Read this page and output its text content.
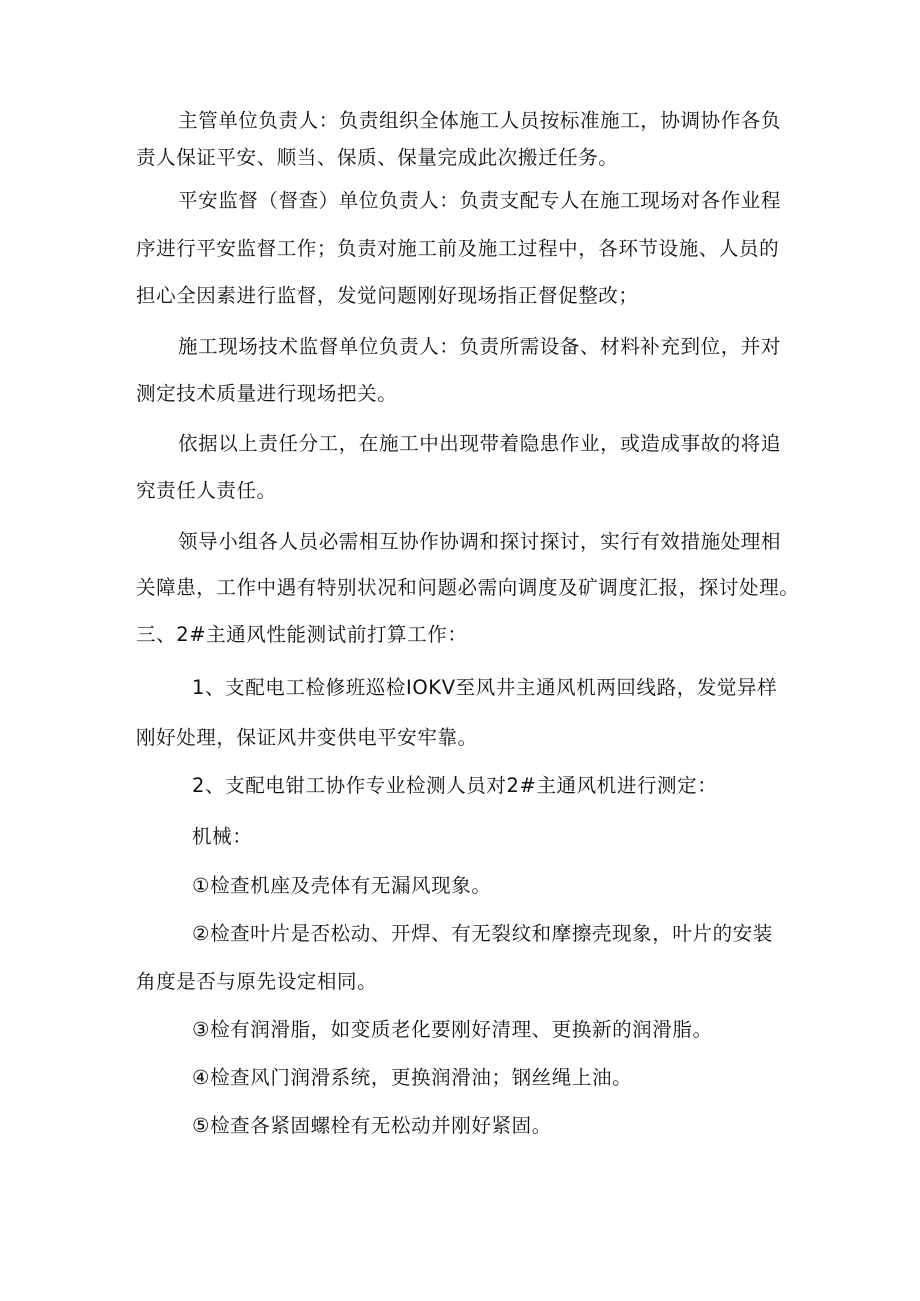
主管单位负责人：负责组织全体施工人员按标准施工，协调协作各负
责人保证平安、顺当、保质、保量完成此次搬迁任务。
平安监督（督查）单位负责人：负责支配专人在施工现场对各作业程
序进行平安监督工作；负责对施工前及施工过程中，各环节设施、人员的
担心全因素进行监督，发觉问题刚好现场指正督促整改；
施工现场技术监督单位负责人：负责所需设备、材料补充到位，并对
测定技术质量进行现场把关。
依据以上责任分工，在施工中出现带着隐患作业，或造成事故的将追
究责任人责任。
领导小组各人员必需相互协作协调和探讨探讨，实行有效措施处理相
关障患，工作中遇有特别状况和问题必需向调度及矿调度汇报，探讨处理。
三、2#主通风性能测试前打算工作：
1、支配电工检修班巡检IOKV至风井主通风机两回线路，发觉异样
刚好处理，保证风井变供电平安牢靠。
2、支配电钳工协作专业检测人员对2#主通风机进行测定：
机械：
①检查机座及壳体有无漏风现象。
②检查叶片是否松动、开焊、有无裂纹和摩擦壳现象，叶片的安装
角度是否与原先设定相同。
③检有润滑脂，如变质老化要刚好清理、更换新的润滑脂。
④检查风门润滑系统，更换润滑油；钢丝绳上油。
⑤检查各紧固螺栓有无松动并刚好紧固。
